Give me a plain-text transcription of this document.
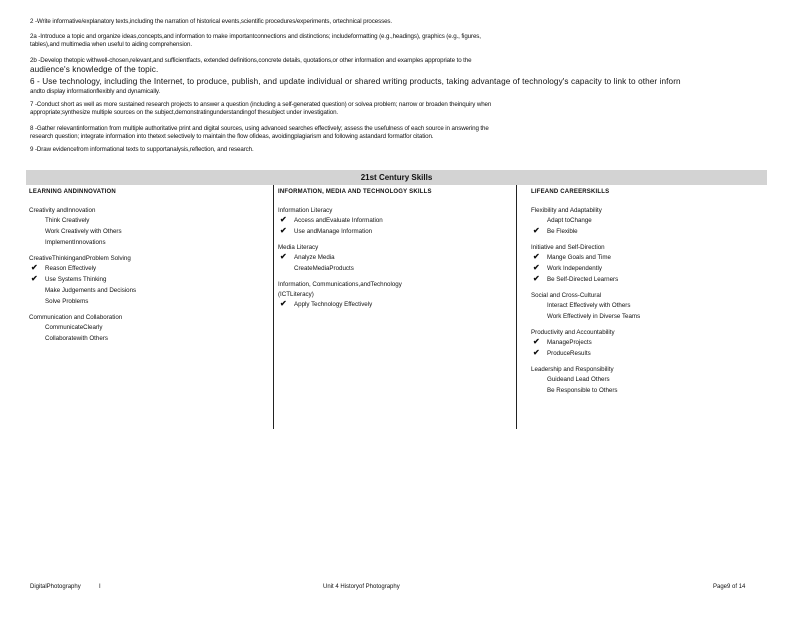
2 -Write informative/explanatory texts,including the narration of historical events,scientific procedures/experiments, ortechnical processes.
2a -Introduce a topic and organize ideas,concepts,and information to make importantconnections and distinctions; includeformatting (e.g.,headings), graphics (e.g., figures,
tables),and multimedia when useful to aiding comprehension.
2b -Develop thetopic withwell-chosen,relevant,and sufficientfacts, extended definitions,concrete details, quotations,or other information and examples appropriate to the
audience's knowledge of the topic.
6 - Use technology, including the Internet, to produce, publish, and update individual or shared writing products, taking advantage of technology's capacity to link to other inforn
andto display informationflexibly and dynamically.
7 -Conduct short as well as more sustained research projects to answer a question (including a self-generated question) or solvea problem; narrow or broaden theinquiry when
appropriate;synthesize multiple sources on the subject,demonstratingunderstandingof thesubject under investigation.
8 -Gather relevantinformation from multiple authoritative print and digital sources, using advanced searches effectively; assess the usefulness of each source in answering the
research question; integrate information into thetext selectively to maintain the flow ofideas, avoidingplagiarism and following astandard formatfor citation.
9 -Draw evidencefrom informational texts to supportanalysis,reflection, and research.
21st Century Skills
LEARNING ANDINNOVATION
Creativity andInnovation
Think Creatively
Work Creatively with Others
ImplementInnovations
CreativeThinkingandProblem Solving
✔ Reason Effectively
✔ Use Systems Thinking
Make Judgements and Decisions
Solve Problems
Communication and Collaboration
CommunicateClearly
Collaboratewith Others
INFORMATION, MEDIA AND TECHNOLOGY SKILLS
Information Literacy
✔ Access andEvaluate Information
✔ Use andManage Information
Media Literacy
✔ Analyze Media
CreateMediaProducts
Information, Communications,andTechnology
(ICTLiteracy)
✔ Apply Technology Effectively
LIFEAND CAREERSKILLS
Flexibility and Adaptability
Adapt toChange
✔ Be Flexible
Initiative and Self-Direction
✔ Mange Goals and Time
✔ Work Independently
✔ Be Self-Directed Learners
Social and Cross-Cultural
Interact Effectively with Others
Work Effectively in Diverse Teams
Productivity and Accountability
✔ ManageProjects
✔ ProduceResults
Leadership and Responsibility
Guideand Lead Others
Be Responsible to Others
DigitalPhotography	I	Unit 4 Historyof Photography	Page9 of 14
